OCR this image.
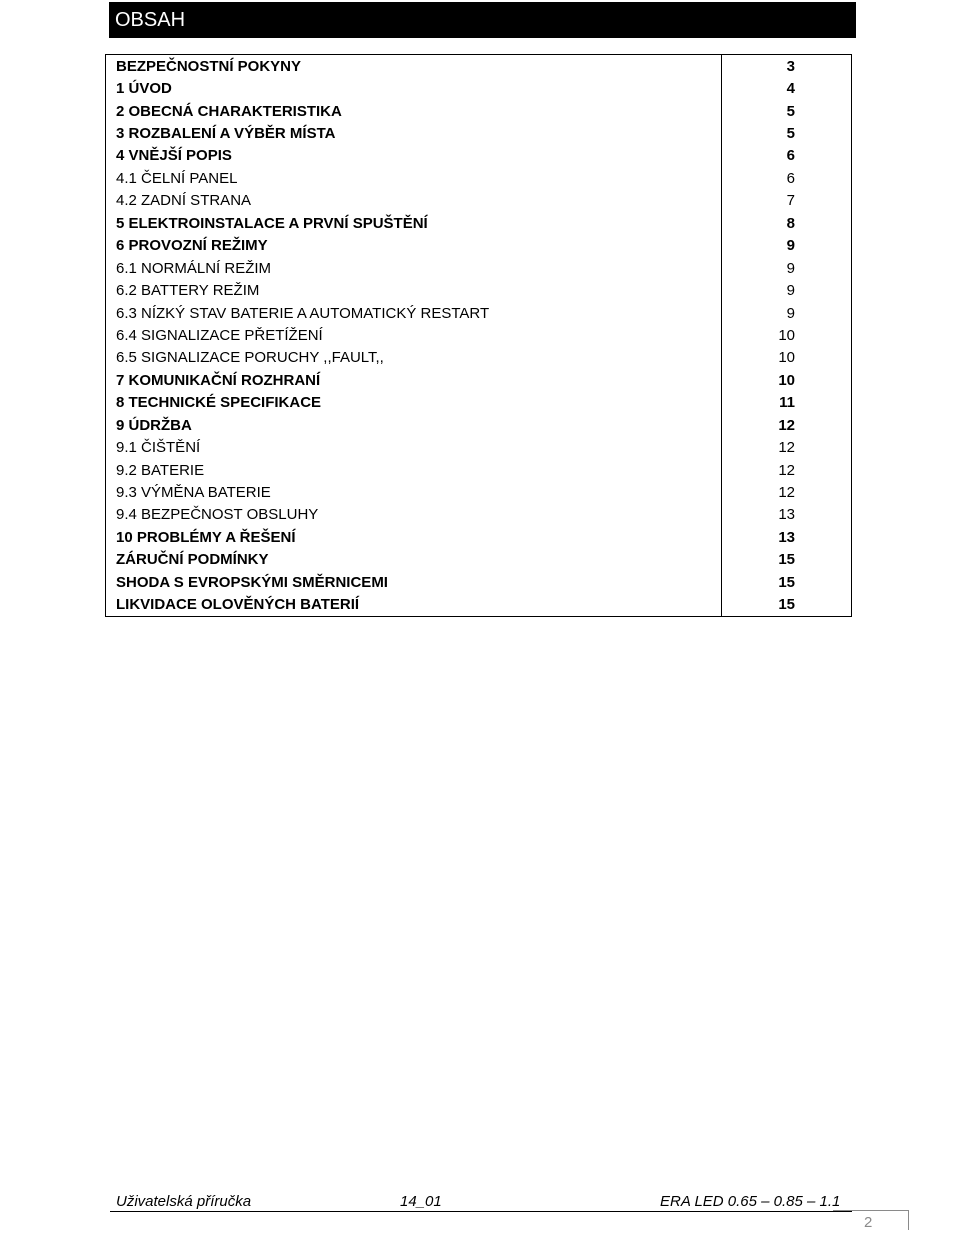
OBSAH
BEZPEČNOSTNÍ POKYNY	3
1 ÚVOD	4
2 OBECNÁ CHARAKTERISTIKA	5
3 ROZBALENÍ A VÝBĚR MÍSTA	5
4 VNĚJŠÍ POPIS	6
4.1 ČELNÍ PANEL	6
4.2 ZADNÍ STRANA	7
5 ELEKTROINSTALACE A PRVNÍ SPUŠTĚNÍ	8
6 PROVOZNÍ REŽIMY	9
6.1 NORMÁLNÍ REŽIM	9
6.2 BATTERY REŽIM	9
6.3 NÍZKÝ STAV BATERIE A AUTOMATICKÝ RESTART	9
6.4 SIGNALIZACE PŘETÍŽENÍ	10
6.5 SIGNALIZACE PORUCHY ,,FAULT,,	10
7 KOMUNIKAČNÍ ROZHRANÍ	10
8 TECHNICKÉ SPECIFIKACE	11
9 ÚDRŽBA	12
9.1 ČIŠTĚNÍ	12
9.2 BATERIE	12
9.3 VÝMĚNA BATERIE	12
9.4 BEZPEČNOST OBSLUHY	13
10 PROBLÉMY A ŘEŠENÍ	13
ZÁRUČNÍ PODMÍNKY	15
SHODA S EVROPSKÝMI SMĚRNICEMI	15
LIKVIDACE OLOVĚNÝCH BATERIÍ	15
Uživatelská příručka	14_01	ERA LED 0.65 – 0.85 – 1.1
2
